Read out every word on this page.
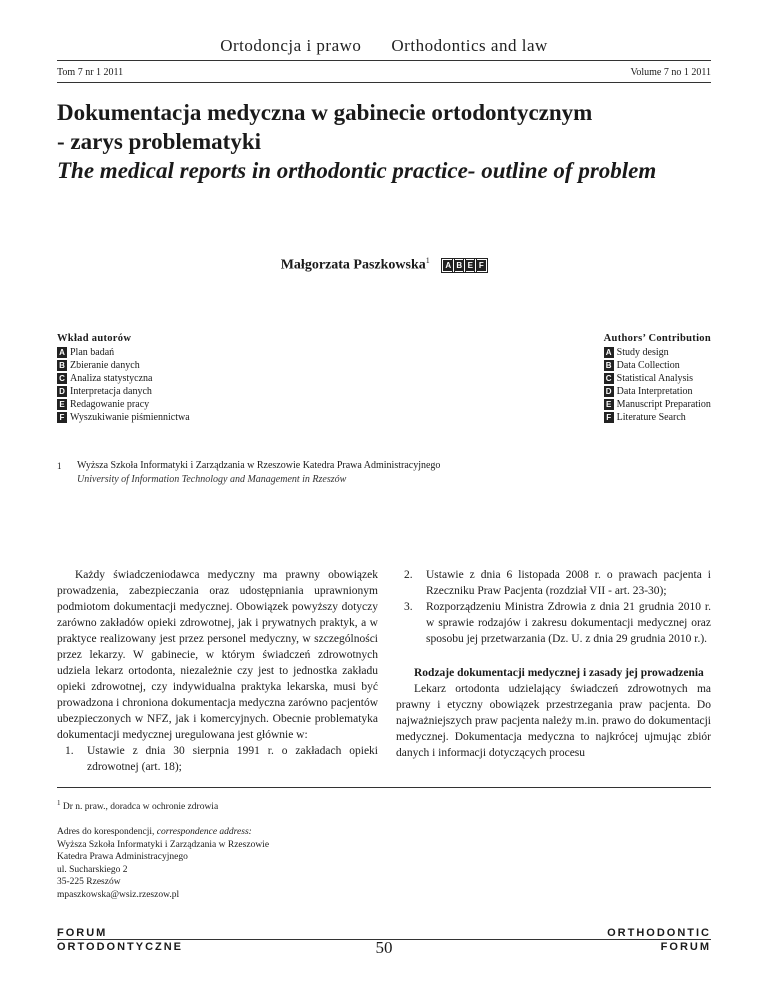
Ortodoncja i prawo Orthodontics and law
Tom 7 nr 1 2011	Volume 7 no 1 2011
Dokumentacja medyczna w gabinecie ortodontycznym
- zarys problematyki
The medical reports in orthodontic practice- outline of problem
Małgorzata Paszkowska$^1$ A B E F
Wkład autorów
A Plan badań
B Zbieranie danych
C Analiza statystyczna
D Interpretacja danych
E Redagowanie pracy
F Wyszukiwanie piśmiennictwa
Authors’ Contribution
A Study design
B Data Collection
C Statistical Analysis
D Data Interpretation
E Manuscript Preparation
F Literature Search
1 Wyższa Szkoła Informatyki i Zarządzania w Rzeszowie Katedra Prawa Administracyjnego
University of Information Technology and Management in Rzeszów

Każdy świadczeniodawca medyczny ma prawny obowiązek prowadzenia, zabezpieczania oraz udostępniania uprawnionym podmiotom dokumentacji medycznej. Obowiązek powyższy dotyczy zarówno zakładów opieki zdrowotnej, jak i prywatnych praktyk, a w praktyce realizowany jest przez personel medyczny, w szczególności przez lekarzy. W gabinecie, w którym świadczeń zdrowotnych udziela lekarz ortodonta, niezależnie czy jest to jednostka zakładu opieki zdrowotnej, czy indywidualna praktyka lekarska, musi być prowadzona i chroniona dokumentacja medyczna zarówno pacjentów ubezpieczonych w NFZ, jak i komercyjnych. Obecnie problematyka dokumentacji medycznej uregulowana jest głównie w:

1. Ustawie z dnia 30 sierpnia 1991 r. o zakładach opieki zdrowotnej (art. 18);
2. Ustawie z dnia 6 listopada 2008 r. o prawach pacjenta i Rzeczniku Praw Pacjenta (rozdział VII - art. 23-30);
3. Rozporządzeniu Ministra Zdrowia z dnia 21 grudnia 2010 r. w sprawie rodzajów i zakresu dokumentacji medycznej oraz sposobu jej przetwarzania (Dz. U. z dnia 29 grudnia 2010 r.).

Rodzaje dokumentacji medycznej i zasady jej prowadzenia

Lekarz ortodonta udzielający świadczeń zdrowotnych ma prawny i etyczny obowiązek przestrzegania praw pacjenta. Do najważniejszych praw pacjenta należy m.in. prawo do dokumentacji medycznej. Dokumentacja medyczna to najkrócej ujmując zbiór danych i informacji dotyczących procesu

$^1$ Dr n. praw., doradca w ochronie zdrowia
Adres do korespondencji, correspondence address:
Wyższa Szkoła Informatyki i Zarządzania w Rzeszowie
Katedra Prawa Administracyjnego
ul. Sucharskiego 2
35-225 Rzeszów
mpaszkowska@wsiz.rzeszow.pl
FORUM
ORTODONTYCZNE
ORTHODONTIC
FORUM
50
